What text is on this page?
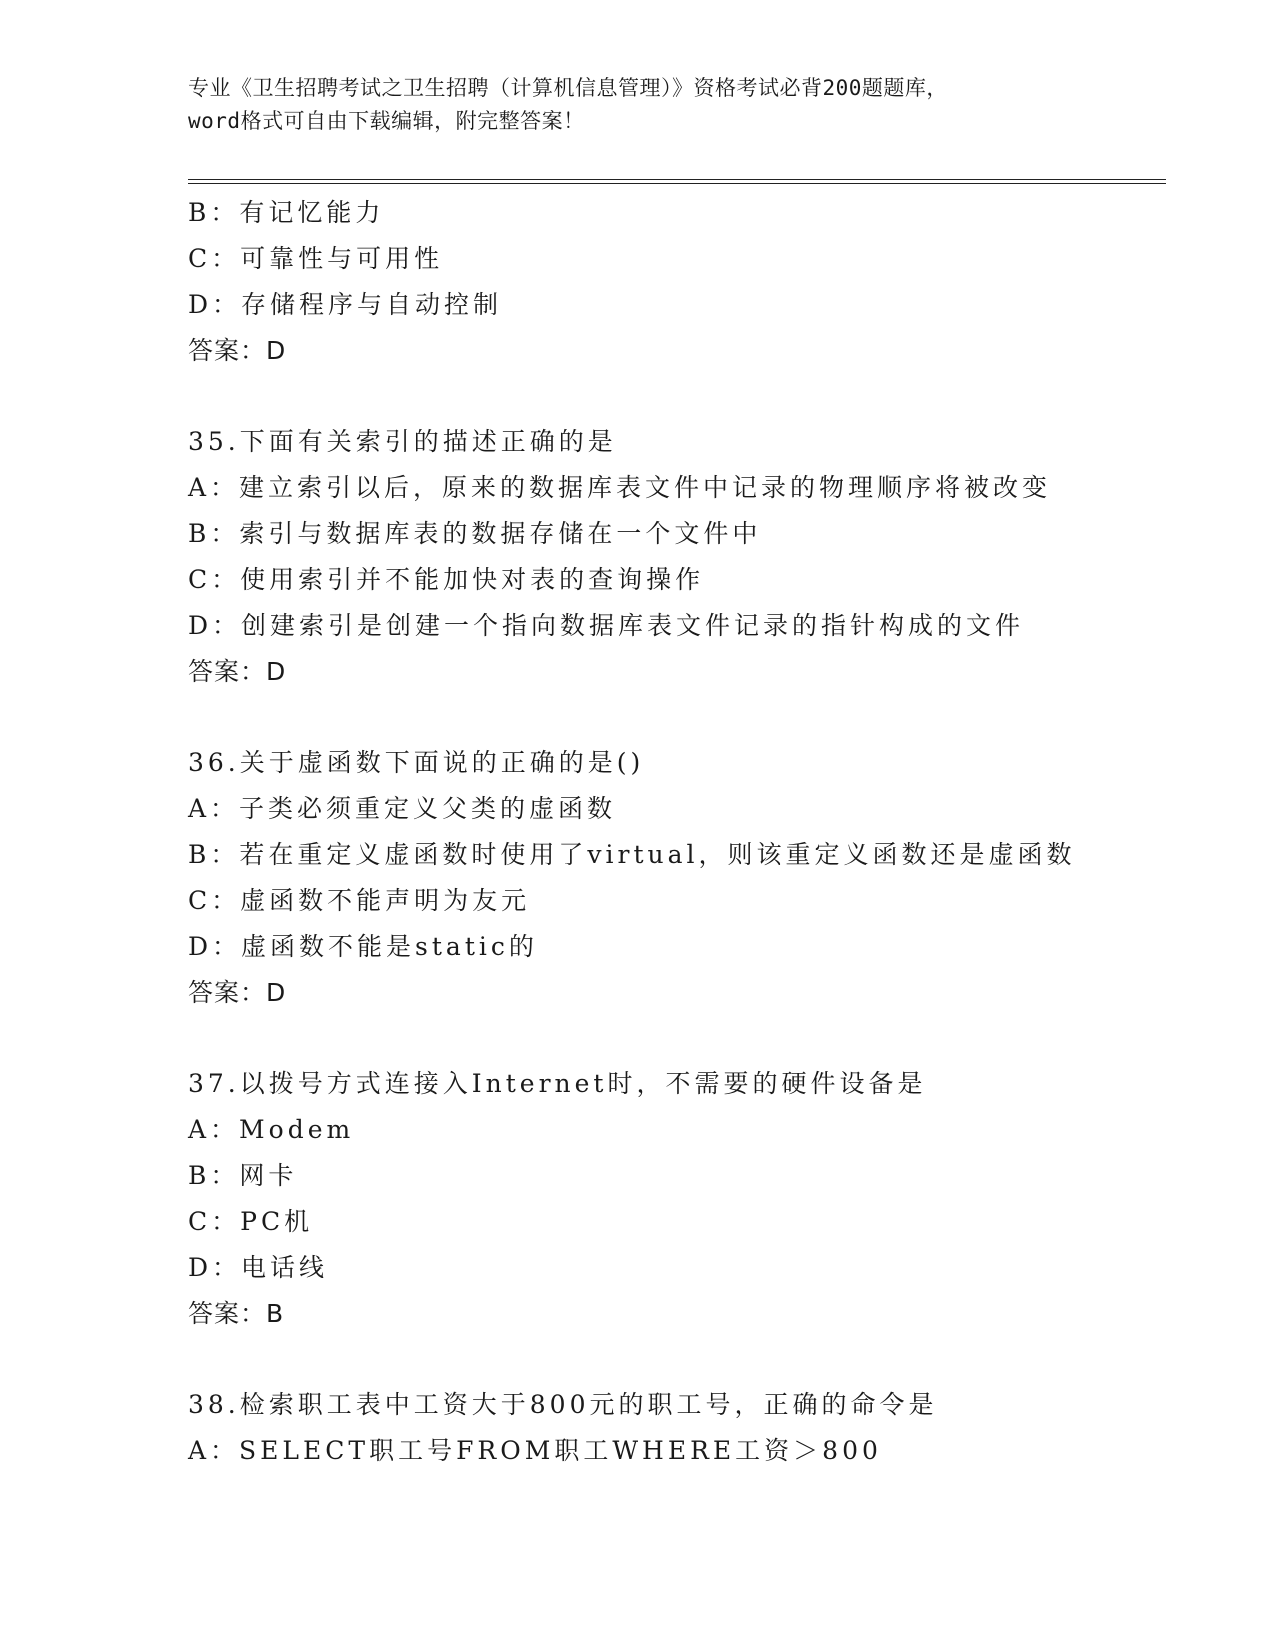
专业《卫生招聘考试之卫生招聘（计算机信息管理）》资格考试必背200题题库，
word格式可自由下载编辑，附完整答案！
B：有记忆能力
C：可靠性与可用性
D：存储程序与自动控制
答案：D
35.下面有关索引的描述正确的是
A：建立索引以后，原来的数据库表文件中记录的物理顺序将被改变
B：索引与数据库表的数据存储在一个文件中
C：使用索引并不能加快对表的查询操作
D：创建索引是创建一个指向数据库表文件记录的指针构成的文件
答案：D
36.关于虚函数下面说的正确的是()
A：子类必须重定义父类的虚函数
B：若在重定义虚函数时使用了virtual，则该重定义函数还是虚函数
C：虚函数不能声明为友元
D：虚函数不能是static的
答案：D
37.以拨号方式连接入Internet时，不需要的硬件设备是
A：Modem
B：网卡
C：PC机
D：电话线
答案：B
38.检索职工表中工资大于800元的职工号，正确的命令是
A：SELECT职工号FROM职工WHERE工资＞800
